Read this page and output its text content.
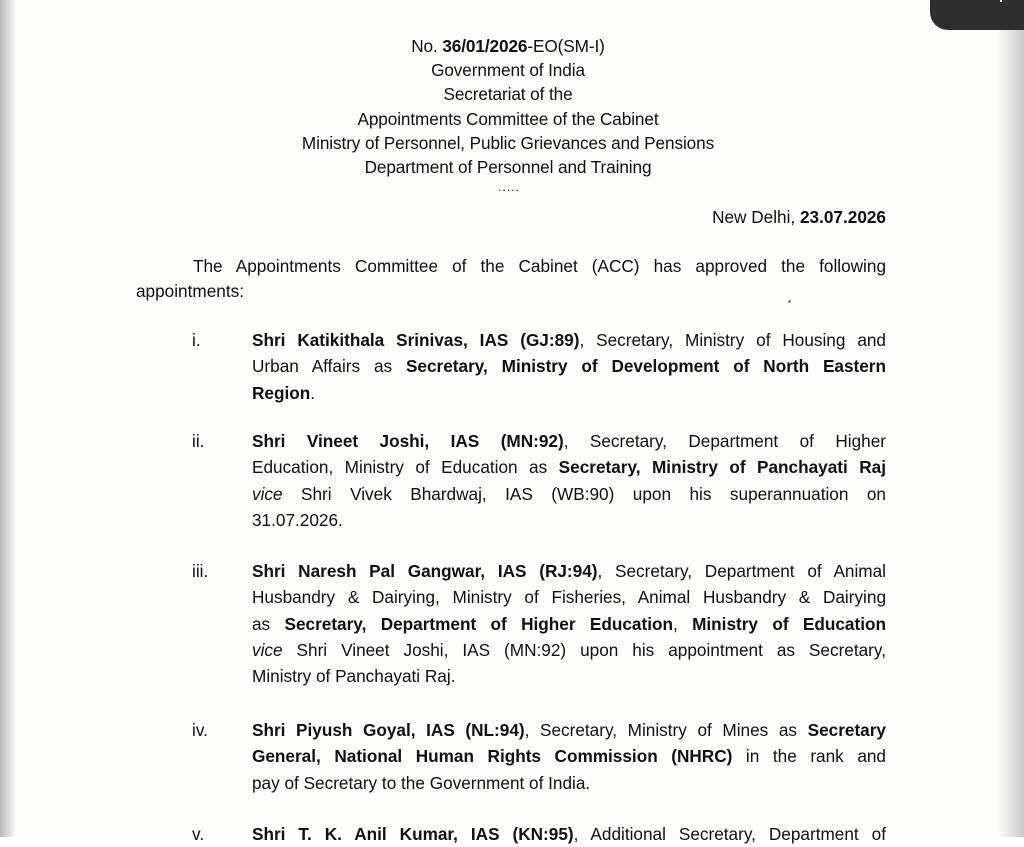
No. 36/01/2026-EO(SM-I)
Government of India
Secretariat of the
Appointments Committee of the Cabinet
Ministry of Personnel, Public Grievances and Pensions
Department of Personnel and Training
.....
New Delhi, 23.07.2026
The Appointments Committee of the Cabinet (ACC) has approved the following
appointments:
i.	Shri Katikithala Srinivas, IAS (GJ:89), Secretary, Ministry of Housing and
Urban Affairs as Secretary, Ministry of Development of North Eastern
Region.
ii.	Shri Vineet Joshi, IAS (MN:92), Secretary, Department of Higher
Education, Ministry of Education as Secretary, Ministry of Panchayati Raj
vice Shri Vivek Bhardwaj, IAS (WB:90) upon his superannuation on
31.07.2026.
iii.	Shri Naresh Pal Gangwar, IAS (RJ:94), Secretary, Department of Animal
Husbandry & Dairying, Ministry of Fisheries, Animal Husbandry & Dairying
as Secretary, Department of Higher Education, Ministry of Education
vice Shri Vineet Joshi, IAS (MN:92) upon his appointment as Secretary,
Ministry of Panchayati Raj.
iv.	Shri Piyush Goyal, IAS (NL:94), Secretary, Ministry of Mines as Secretary
General, National Human Rights Commission (NHRC) in the rank and
pay of Secretary to the Government of India.
v.	Shri T. K. Anil Kumar, IAS (KN:95), Additional Secretary, Department of
